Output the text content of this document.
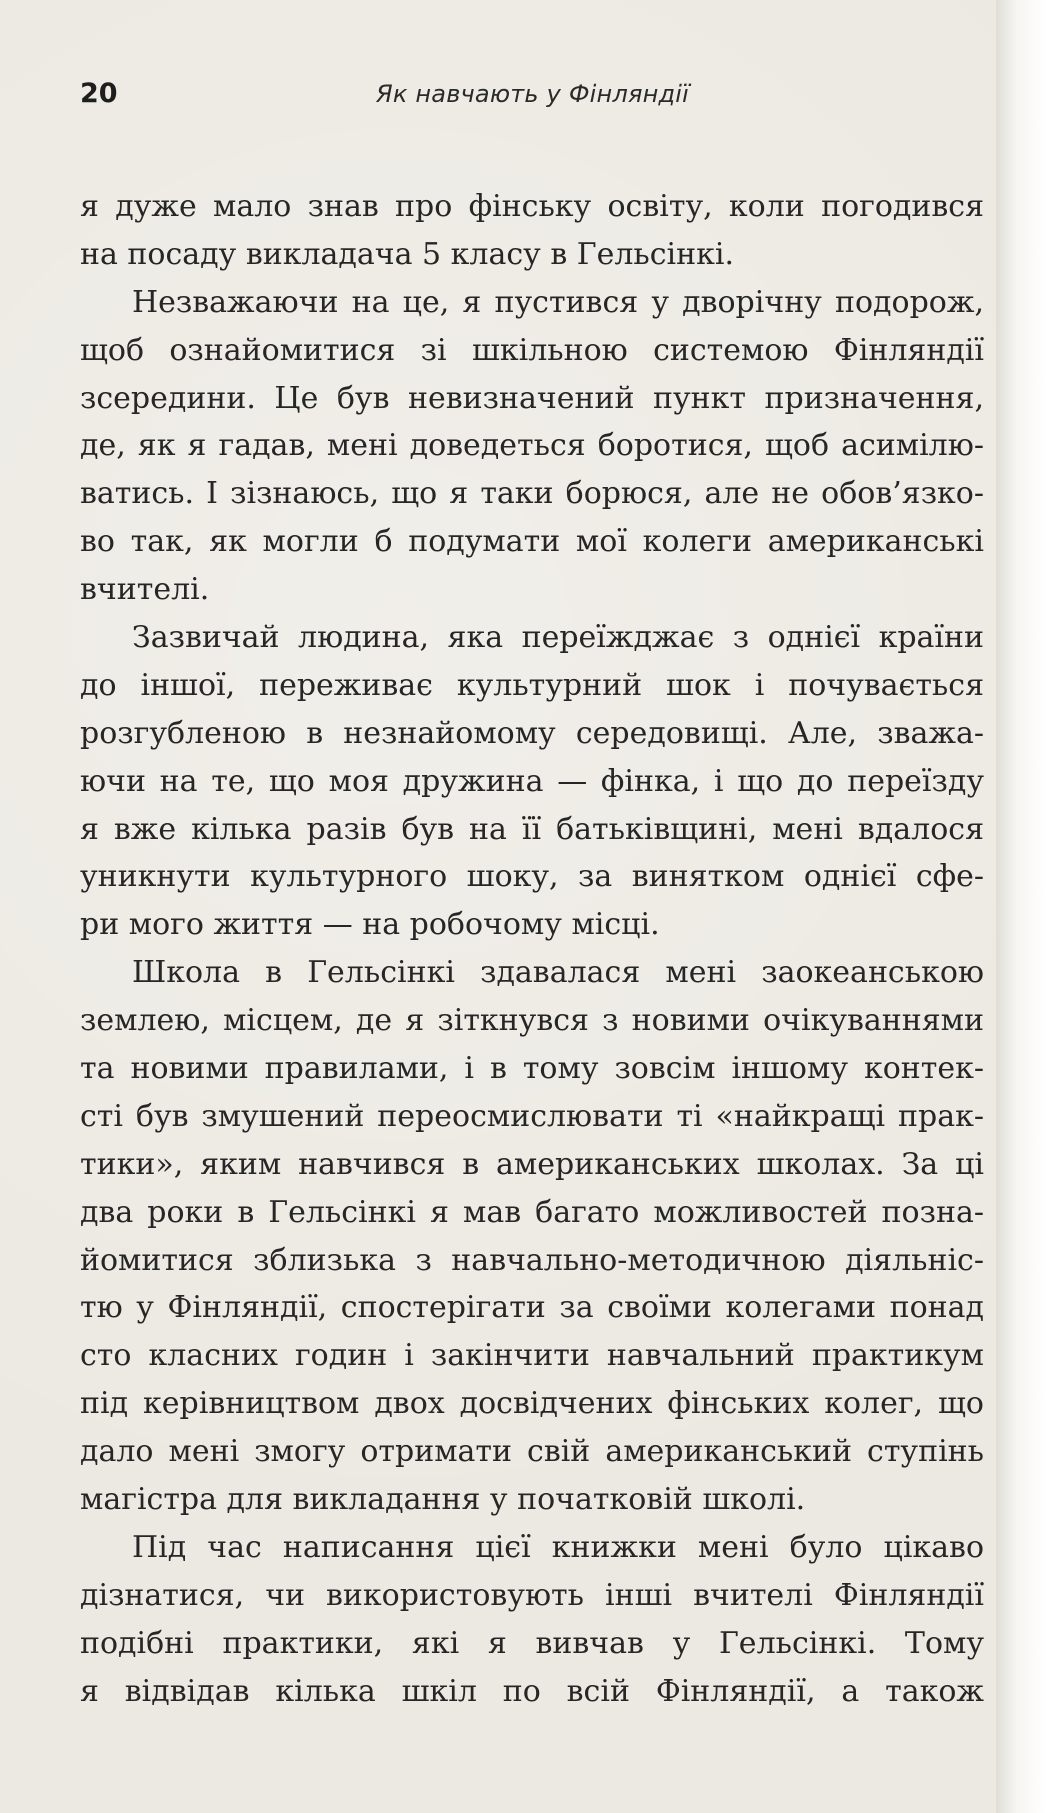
20	Як навчають у Фінляндії
я дуже мало знав про фінську освіту, коли погодився
на посаду викладача 5 класу в Гельсінкі.
Незважаючи на це, я пустився у дворічну подорож,
щоб ознайомитися зі шкільною системою Фінляндії
зсередини. Це був невизначений пункт призначення,
де, як я гадав, мені доведеться боротися, щоб асимілю-
ватись. І зізнаюсь, що я таки борюся, але не обов’язко-
во так, як могли б подумати мої колеги американські
вчителі.
Зазвичай людина, яка переїжджає з однієї країни
до іншої, переживає культурний шок і почувається
розгубленою в незнайомому середовищі. Але, зважа-
ючи на те, що моя дружина — фінка, і що до переїзду
я вже кілька разів був на її батьківщині, мені вдалося
уникнути культурного шоку, за винятком однієї сфе-
ри мого життя — на робочому місці.
Школа в Гельсінкі здавалася мені заокеанською
землею, місцем, де я зіткнувся з новими очікуваннями
та новими правилами, і в тому зовсім іншому контек-
сті був змушений переосмислювати ті «найкращі прак-
тики», яким навчився в американських школах. За ці
два роки в Гельсінкі я мав багато можливостей позна-
йомитися зблизька з навчально-методичною діяльніс-
тю у Фінляндії, спостерігати за своїми колегами понад
сто класних годин і закінчити навчальний практикум
під керівництвом двох досвідчених фінських колег, що
дало мені змогу отримати свій американський ступінь
магістра для викладання у початковій школі.
Під час написання цієї книжки мені було цікаво
дізнатися, чи використовують інші вчителі Фінляндії
подібні практики, які я вивчав у Гельсінкі. Тому
я відвідав кілька шкіл по всій Фінляндії, а також
